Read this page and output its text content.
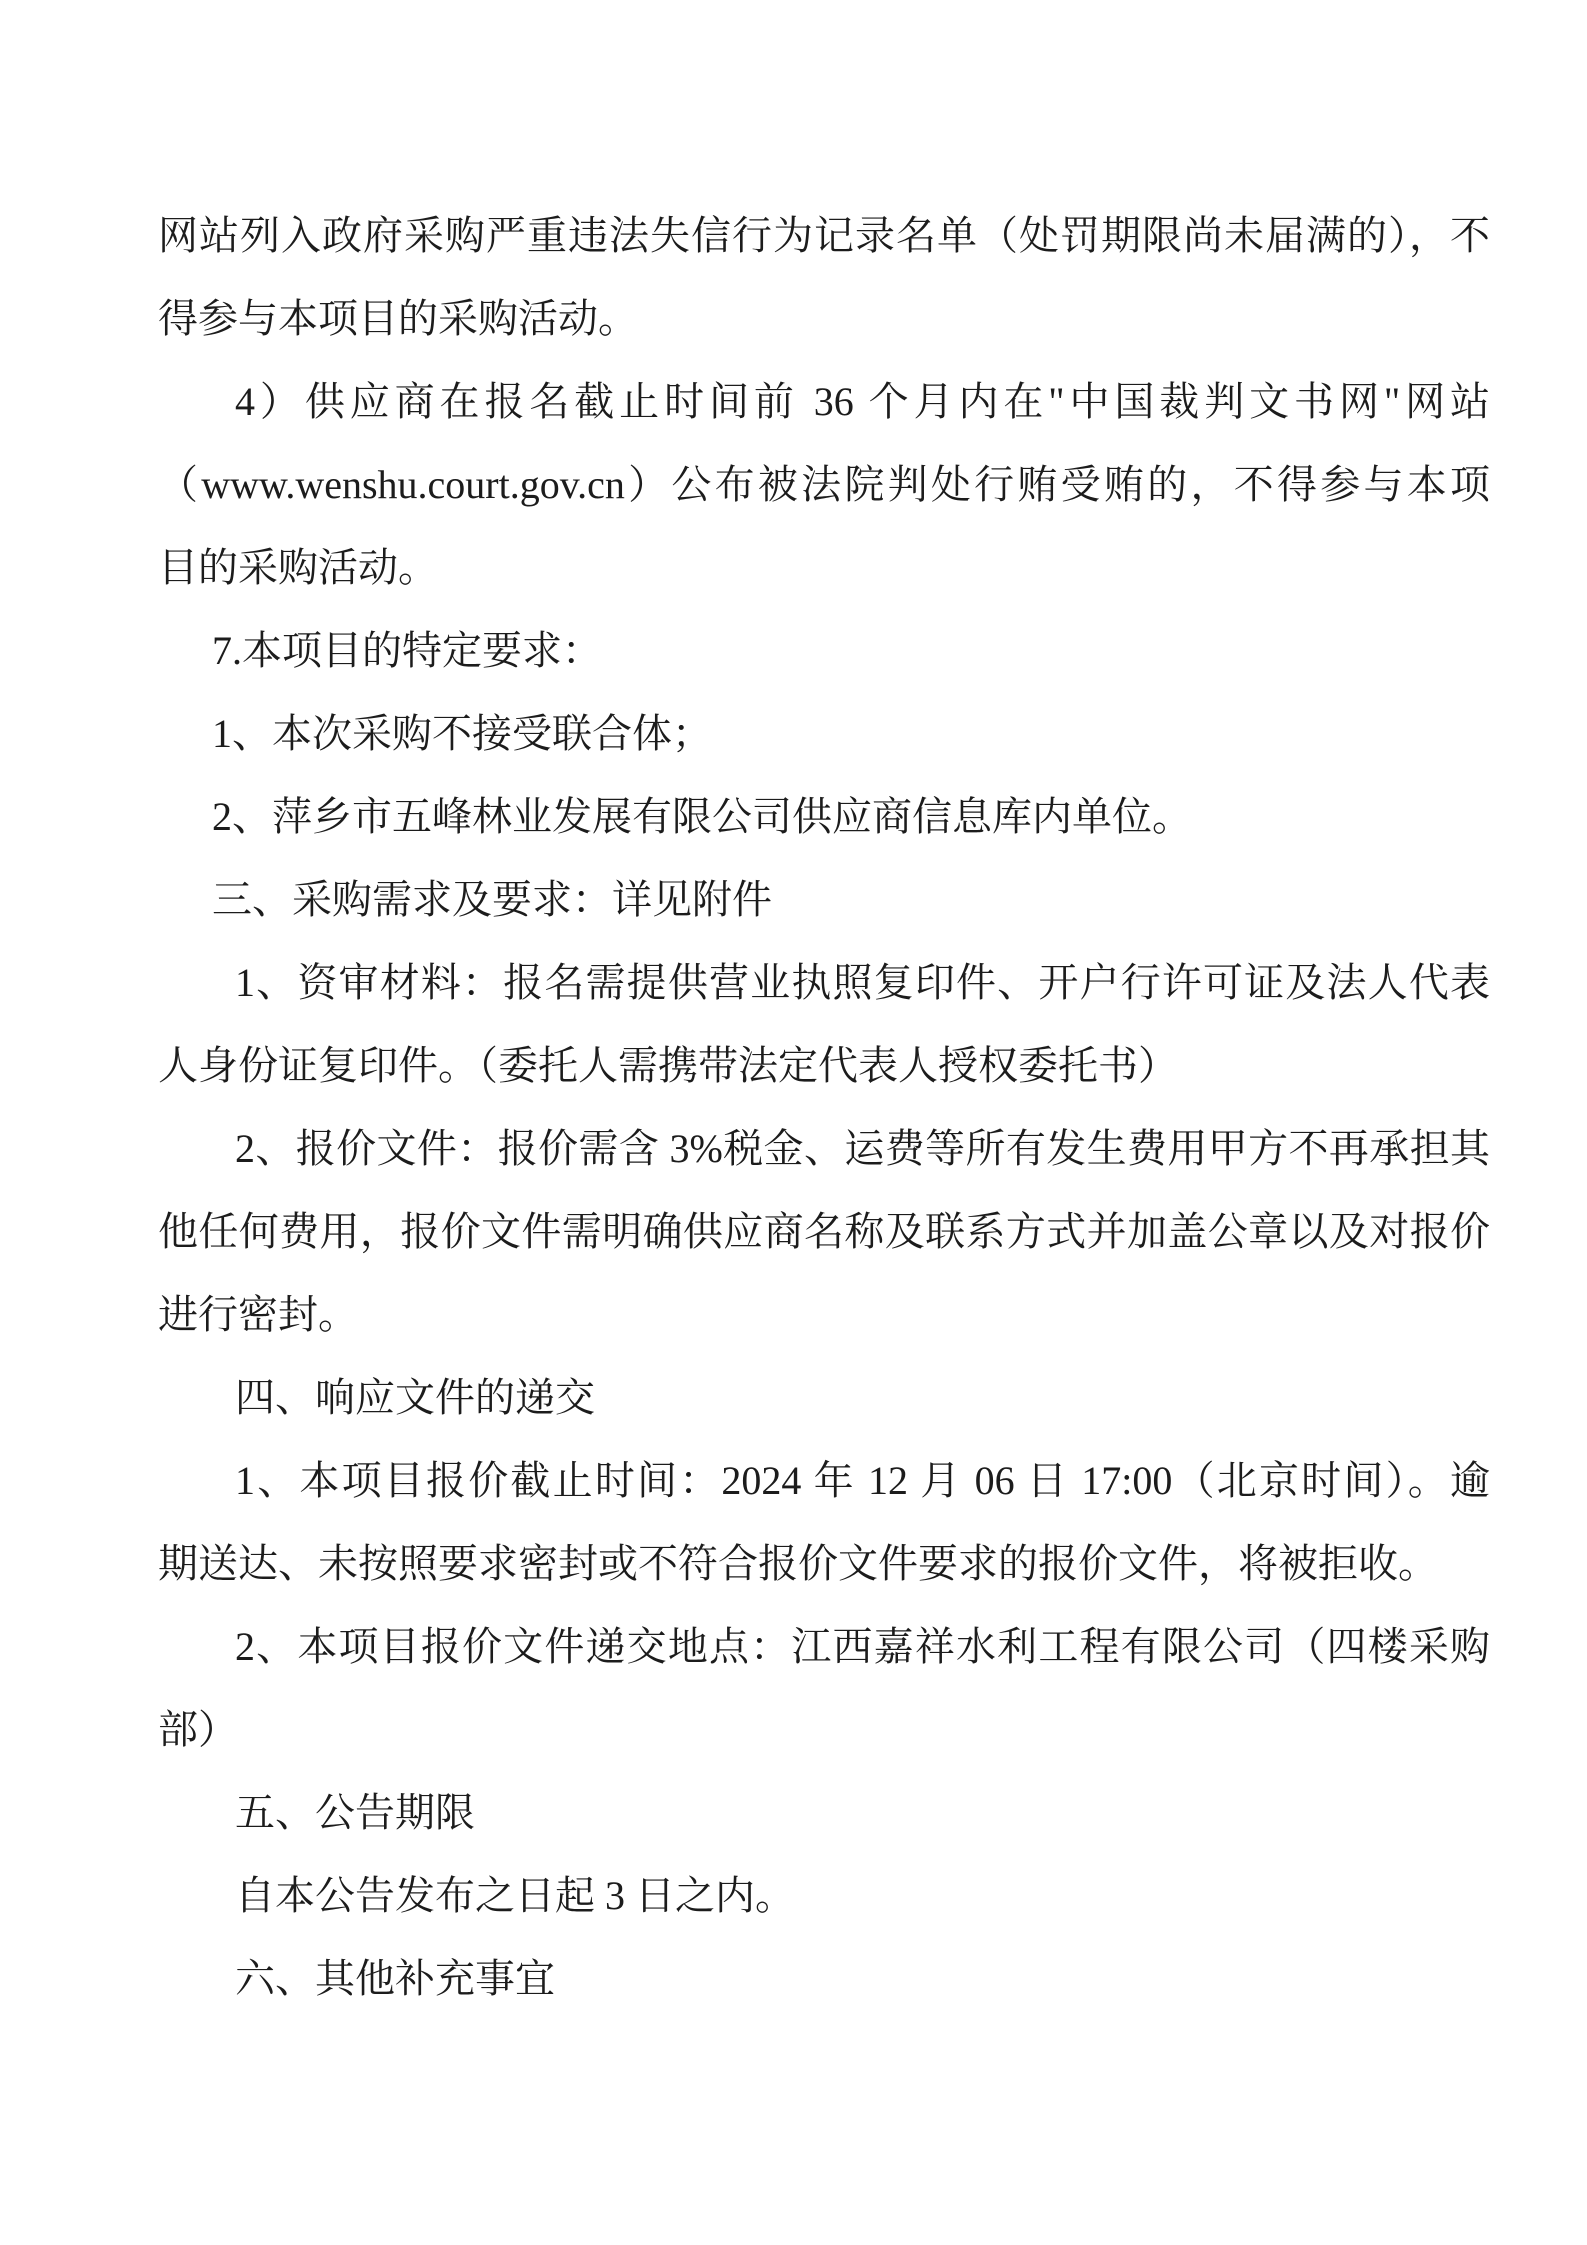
网站列入政府采购严重违法失信行为记录名单（处罚期限尚未届满的），不
得参与本项目的采购活动。
4）供应商在报名截止时间前 36 个月内在"中国裁判文书网"网站
（www.wenshu.court.gov.cn）公布被法院判处行贿受贿的，不得参与本项
目的采购活动。
7.本项目的特定要求：
1、本次采购不接受联合体；
2、萍乡市五峰林业发展有限公司供应商信息库内单位。
三、采购需求及要求：详见附件
1、资审材料：报名需提供营业执照复印件、开户行许可证及法人代表
人身份证复印件。（委托人需携带法定代表人授权委托书）
2、报价文件：报价需含 3%税金、运费等所有发生费用甲方不再承担其
他任何费用，报价文件需明确供应商名称及联系方式并加盖公章以及对报价
进行密封。
四、响应文件的递交
1、本项目报价截止时间：2024 年 12 月 06 日 17:00（北京时间）。逾
期送达、未按照要求密封或不符合报价文件要求的报价文件，将被拒收。
2、本项目报价文件递交地点：江西嘉祥水利工程有限公司（四楼采购
部）
五、公告期限
自本公告发布之日起 3 日之内。
六、其他补充事宜
